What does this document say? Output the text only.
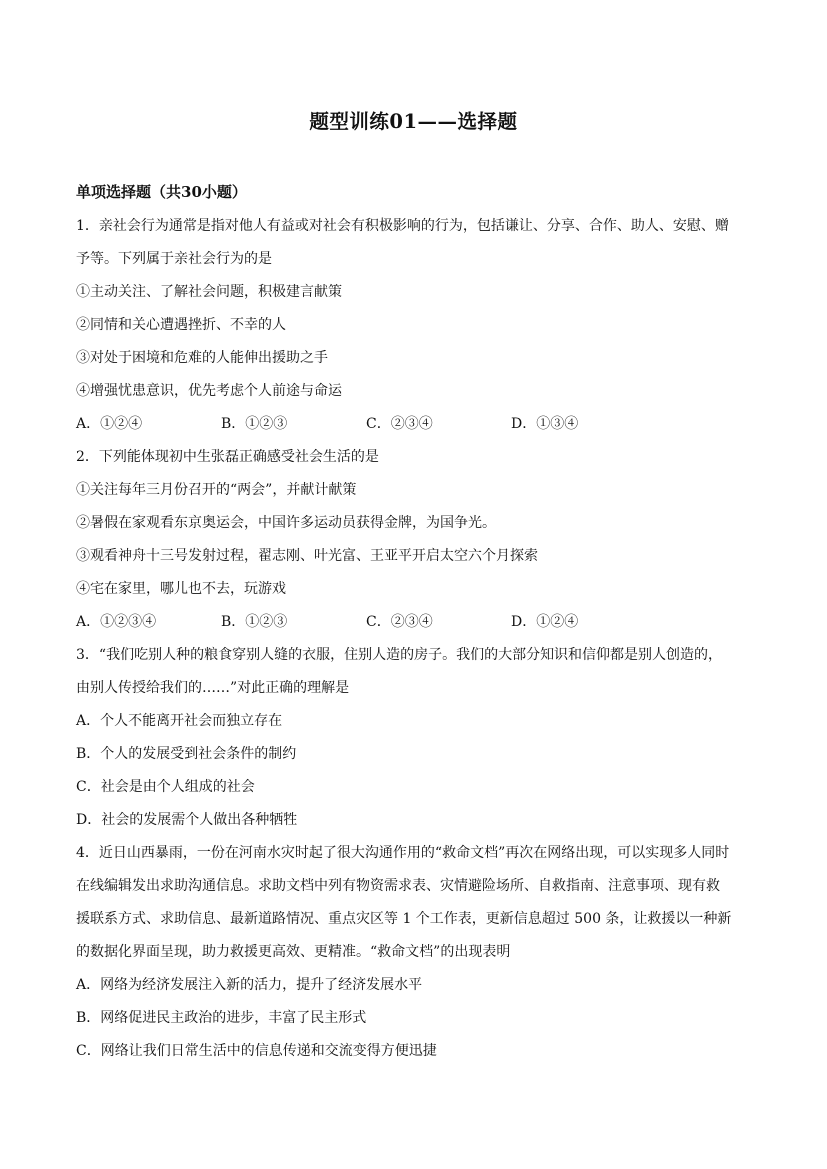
题型训练01——选择题
单项选择题（共30小题）
1．亲社会行为通常是指对他人有益或对社会有积极影响的行为，包括谦让、分享、合作、助人、安慰、赠
予等。下列属于亲社会行为的是
①主动关注、了解社会问题，积极建言献策
②同情和关心遭遇挫折、不幸的人
③对处于困境和危难的人能伸出援助之手
④增强忧患意识，优先考虑个人前途与命运
A．①②④	B．①②③	C．②③④	D．①③④
2．下列能体现初中生张磊正确感受社会生活的是
①关注每年三月份召开的“两会”，并献计献策
②暑假在家观看东京奥运会，中国许多运动员获得金牌，为国争光。
③观看神舟十三号发射过程，翟志刚、叶光富、王亚平开启太空六个月探索
④宅在家里，哪儿也不去，玩游戏
A．①②③④	B．①②③	C．②③④	D．①②④
3．“我们吃别人种的粮食穿别人缝的衣服，住别人造的房子。我们的大部分知识和信仰都是别人创造的，
由别人传授给我们的……”对此正确的理解是
A．个人不能离开社会而独立存在
B．个人的发展受到社会条件的制约
C．社会是由个人组成的社会
D．社会的发展需个人做出各种牺牲
4．近日山西暴雨，一份在河南水灾时起了很大沟通作用的“救命文档”再次在网络出现，可以实现多人同时
在线编辑发出求助沟通信息。求助文档中列有物资需求表、灾情避险场所、自救指南、注意事项、现有救
援联系方式、求助信息、最新道路情况、重点灾区等 1 个工作表，更新信息超过 500 条，让救援以一种新
的数据化界面呈现，助力救援更高效、更精准。“救命文档”的出现表明
A．网络为经济发展注入新的活力，提升了经济发展水平
B．网络促进民主政治的进步，丰富了民主形式
C．网络让我们日常生活中的信息传递和交流变得方便迅捷
